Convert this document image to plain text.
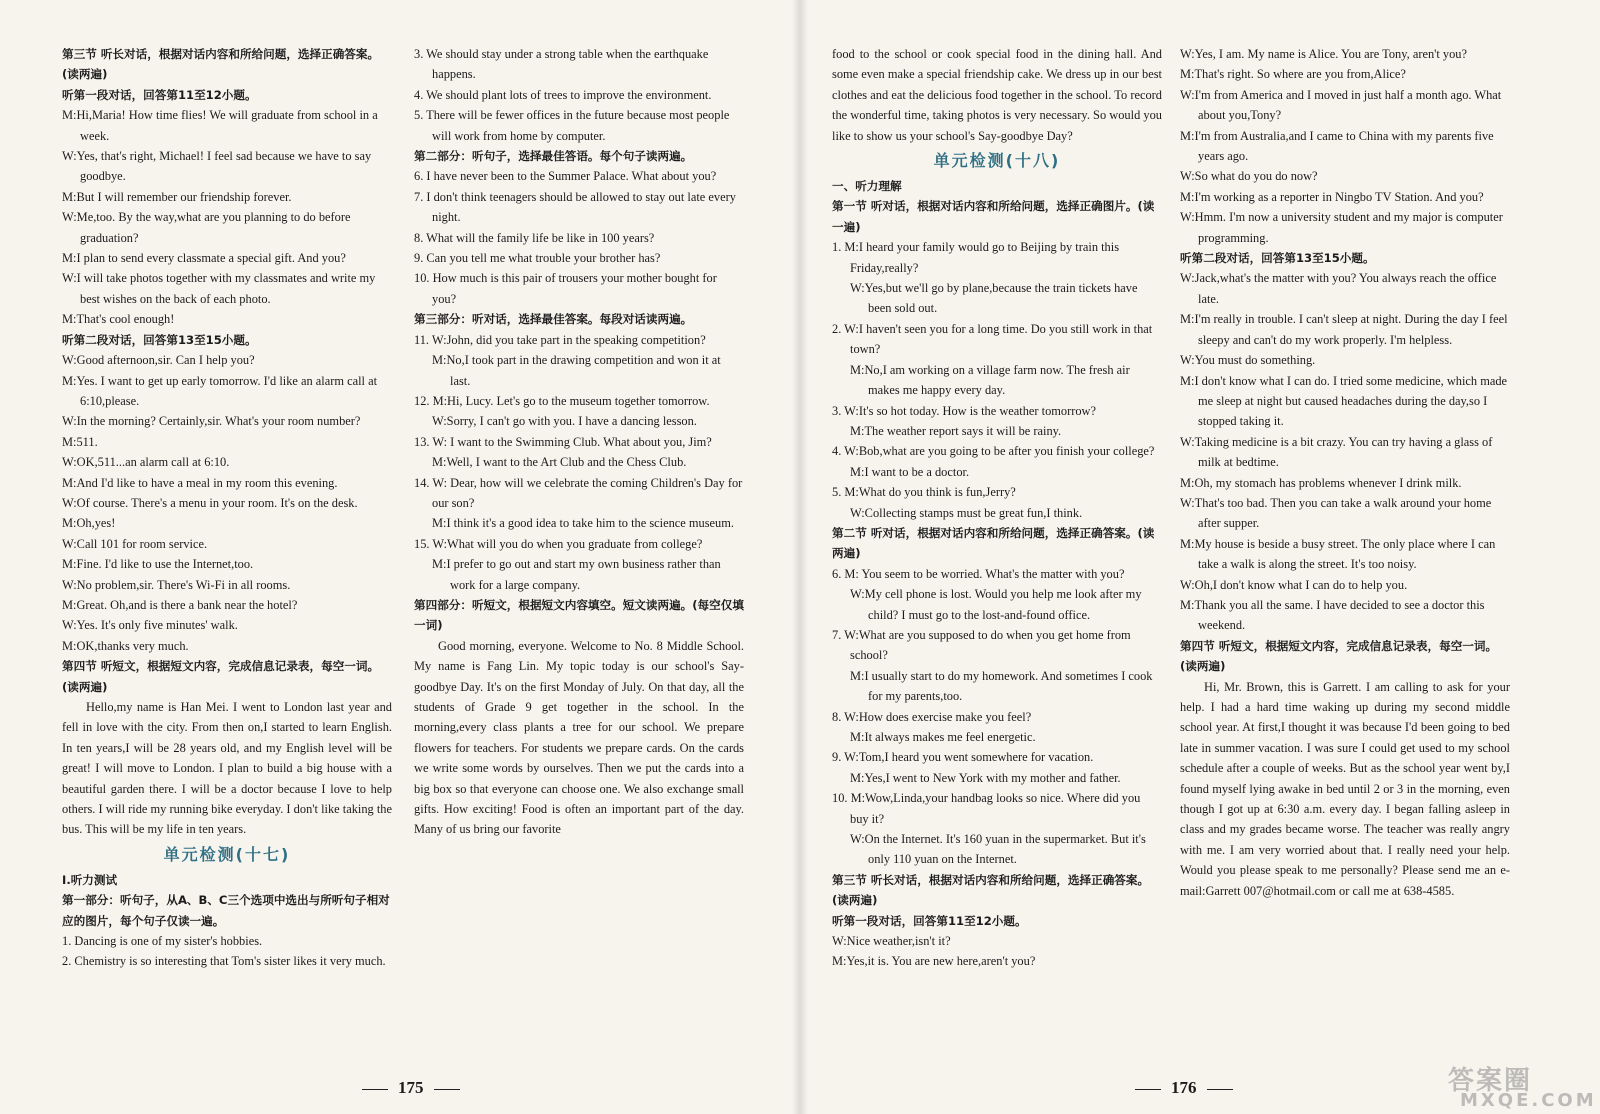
第三节 听长对话，根据对话内容和所给问题，选择正确答案。(读两遍)
听第一段对话，回答第11至12小题。
M:Hi,Maria! How time flies! We will graduate from school in a week.
W:Yes, that's right, Michael! I feel sad because we have to say goodbye.
M:But I will remember our friendship forever.
W:Me,too. By the way,what are you planning to do before graduation?
M:I plan to send every classmate a special gift. And you?
W:I will take photos together with my classmates and write my best wishes on the back of each photo.
M:That's cool enough!
听第二段对话，回答第13至15小题。
W:Good afternoon,sir. Can I help you?
M:Yes. I want to get up early tomorrow. I'd like an alarm call at 6:10,please.
W:In the morning? Certainly,sir. What's your room number?
M:511.
W:OK,511...an alarm call at 6:10.
M:And I'd like to have a meal in my room this evening.
W:Of course. There's a menu in your room. It's on the desk.
M:Oh,yes!
W:Call 101 for room service.
M:Fine. I'd like to use the Internet,too.
W:No problem,sir. There's Wi-Fi in all rooms.
M:Great. Oh,and is there a bank near the hotel?
W:Yes. It's only five minutes' walk.
M:OK,thanks very much.
第四节 听短文，根据短文内容，完成信息记录表，每空一词。(读两遍)
Hello,my name is Han Mei. I went to London last year and fell in love with the city. From then on,I started to learn English. In ten years,I will be 28 years old, and my English level will be great! I will move to London. I plan to build a big house with a beautiful garden there. I will be a doctor because I love to help others. I will ride my running bike everyday. I don't like taking the bus. This will be my life in ten years.
单元检测(十七)
Ⅰ.听力测试
第一部分：听句子，从A、B、C三个选项中选出与所听句子相对应的图片，每个句子仅读一遍。
1. Dancing is one of my sister's hobbies.
2. Chemistry is so interesting that Tom's sister likes it very much.
3. We should stay under a strong table when the earthquake happens.
4. We should plant lots of trees to improve the environment.
5. There will be fewer offices in the future because most people will work from home by computer.
第二部分：听句子，选择最佳答语。每个句子读两遍。
6. I have never been to the Summer Palace. What about you?
7. I don't think teenagers should be allowed to stay out late every night.
8. What will the family life be like in 100 years?
9. Can you tell me what trouble your brother has?
10. How much is this pair of trousers your mother bought for you?
第三部分：听对话，选择最佳答案。每段对话读两遍。
11. W:John, did you take part in the speaking competition?
M:No,I took part in the drawing competition and won it at last.
12. M:Hi, Lucy. Let's go to the museum together tomorrow.
W:Sorry, I can't go with you. I have a dancing lesson.
13. W: I want to the Swimming Club. What about you, Jim?
M:Well, I want to the Art Club and the Chess Club.
14. W: Dear, how will we celebrate the coming Children's Day for our son?
M:I think it's a good idea to take him to the science museum.
15. W:What will you do when you graduate from college?
M:I prefer to go out and start my own business rather than work for a large company.
第四部分：听短文，根据短文内容填空。短文读两遍。(每空仅填一词)
Good morning, everyone. Welcome to No. 8 Middle School. My name is Fang Lin. My topic today is our school's Say-goodbye Day. It's on the first Monday of July. On that day, all the students of Grade 9 get together in the school. In the morning,every class plants a tree for our school. We prepare flowers for teachers. For students we prepare cards. On the cards we write some words by ourselves. Then we put the cards into a big box so that everyone can choose one. We also exchange small gifts. How exciting! Food is often an important part of the day. Many of us bring our favorite
175
food to the school or cook special food in the dining hall. And some even make a special friendship cake. We dress up in our best clothes and eat the delicious food together in the school. To record the wonderful time, taking photos is very necessary. So would you like to show us your school's Say-goodbye Day?
单元检测(十八)
一、听力理解
第一节 听对话，根据对话内容和所给问题，选择正确图片。(读一遍)
1. M:I heard your family would go to Beijing by train this Friday,really?
W:Yes,but we'll go by plane,because the train tickets have been sold out.
2. W:I haven't seen you for a long time. Do you still work in that town?
M:No,I am working on a village farm now. The fresh air makes me happy every day.
3. W:It's so hot today. How is the weather tomorrow?
M:The weather report says it will be rainy.
4. W:Bob,what are you going to be after you finish your college?
M:I want to be a doctor.
5. M:What do you think is fun,Jerry?
W:Collecting stamps must be great fun,I think.
第二节 听对话，根据对话内容和所给问题，选择正确答案。(读两遍)
6. M: You seem to be worried. What's the matter with you?
W:My cell phone is lost. Would you help me look after my child? I must go to the lost-and-found office.
7. W:What are you supposed to do when you get home from school?
M:I usually start to do my homework. And sometimes I cook for my parents,too.
8. W:How does exercise make you feel?
M:It always makes me feel energetic.
9. W:Tom,I heard you went somewhere for vacation.
M:Yes,I went to New York with my mother and father.
10. M:Wow,Linda,your handbag looks so nice. Where did you buy it?
W:On the Internet. It's 160 yuan in the supermarket. But it's only 110 yuan on the Internet.
第三节 听长对话，根据对话内容和所给问题，选择正确答案。(读两遍)
听第一段对话，回答第11至12小题。
W:Nice weather,isn't it?
M:Yes,it is. You are new here,aren't you?
W:Yes, I am. My name is Alice. You are Tony, aren't you?
M:That's right. So where are you from,Alice?
W:I'm from America and I moved in just half a month ago. What about you,Tony?
M:I'm from Australia,and I came to China with my parents five years ago.
W:So what do you do now?
M:I'm working as a reporter in Ningbo TV Station. And you?
W:Hmm. I'm now a university student and my major is computer programming.
听第二段对话，回答第13至15小题。
W:Jack,what's the matter with you? You always reach the office late.
M:I'm really in trouble. I can't sleep at night. During the day I feel sleepy and can't do my work properly. I'm helpless.
W:You must do something.
M:I don't know what I can do. I tried some medicine, which made me sleep at night but caused headaches during the day,so I stopped taking it.
W:Taking medicine is a bit crazy. You can try having a glass of milk at bedtime.
M:Oh, my stomach has problems whenever I drink milk.
W:That's too bad. Then you can take a walk around your home after supper.
M:My house is beside a busy street. The only place where I can take a walk is along the street. It's too noisy.
W:Oh,I don't know what I can do to help you.
M:Thank you all the same. I have decided to see a doctor this weekend.
第四节 听短文，根据短文内容，完成信息记录表，每空一词。(读两遍)
Hi, Mr. Brown, this is Garrett. I am calling to ask for your help. I had a hard time waking up during my second middle school year. At first,I thought it was because I'd been going to bed late in summer vacation. I was sure I could get used to my school schedule after a couple of weeks. But as the school year went by,I found myself lying awake in bed until 2 or 3 in the morning, even though I got up at 6:30 a.m. every day. I began falling asleep in class and my grades became worse. The teacher was really angry with me. I am very worried about that. I really need your help. Would you please speak to me personally? Please send me an e-mail:Garrett 007@hotmail.com or call me at 638-4585.
176	答案圈
MXQE.COM
